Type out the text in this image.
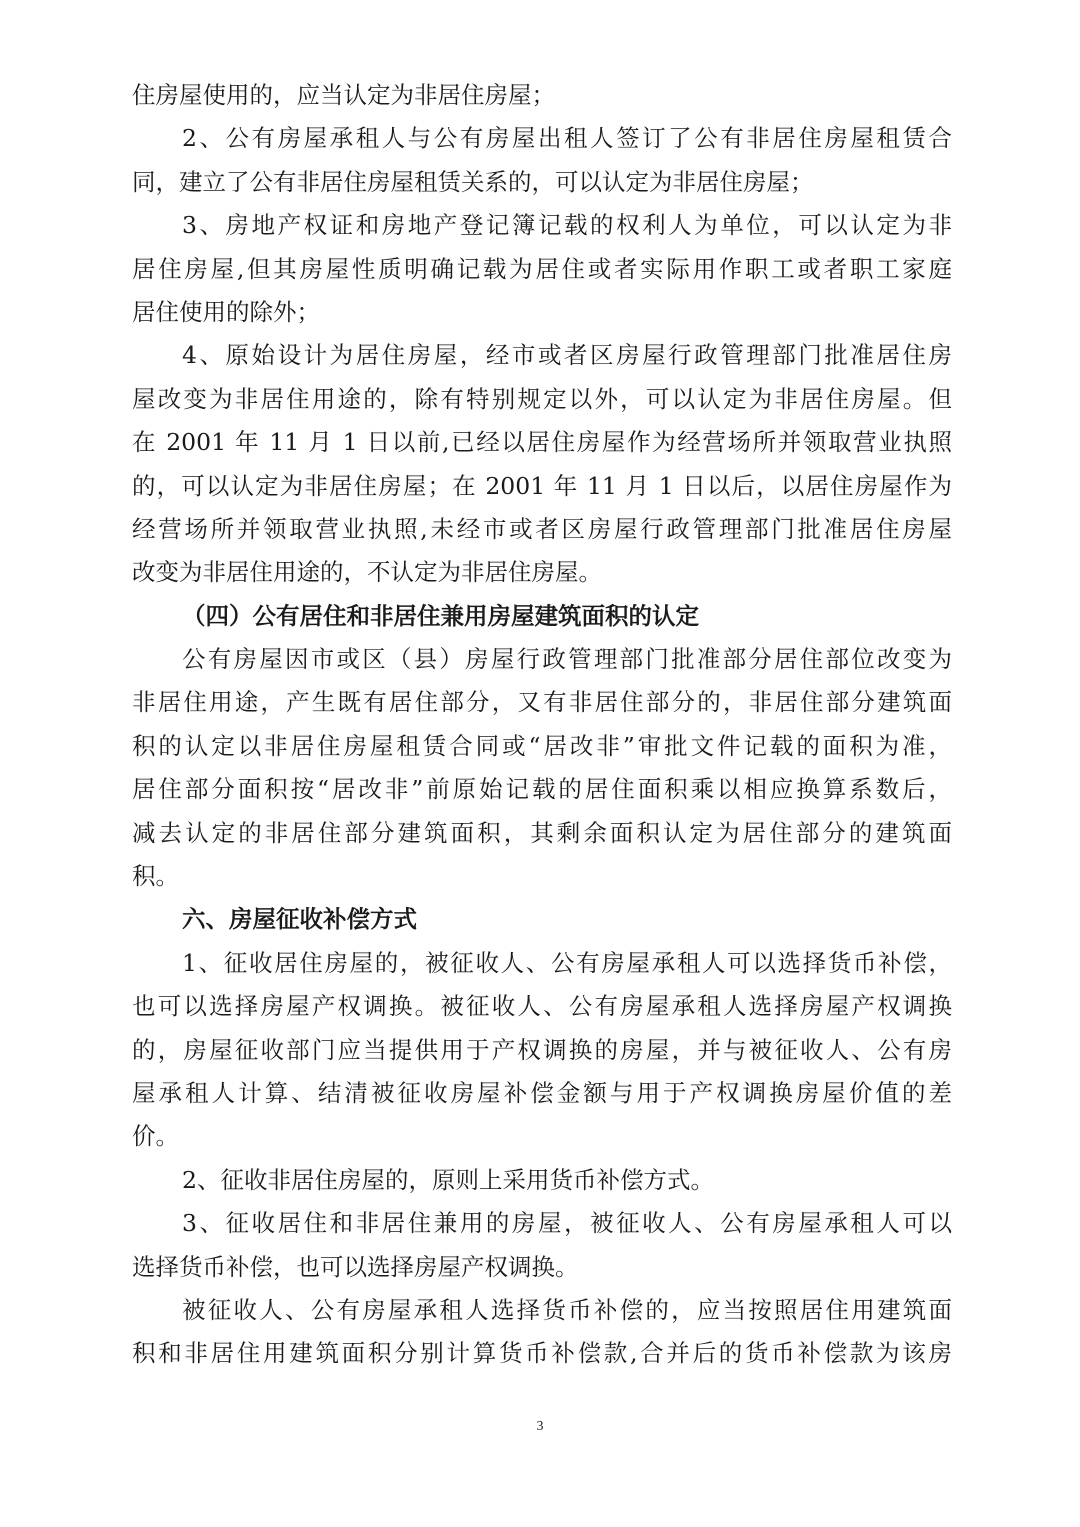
住房屋使用的，应当认定为非居住房屋；
2、公有房屋承租人与公有房屋出租人签订了公有非居住房屋租赁合
同，建立了公有非居住房屋租赁关系的，可以认定为非居住房屋；
3、房地产权证和房地产登记簿记载的权利人为单位，可以认定为非
居住房屋,但其房屋性质明确记载为居住或者实际用作职工或者职工家庭
居住使用的除外；
4、原始设计为居住房屋，经市或者区房屋行政管理部门批准居住房
屋改变为非居住用途的，除有特别规定以外，可以认定为非居住房屋。但
在 2001 年 11 月 1 日以前,已经以居住房屋作为经营场所并领取营业执照
的，可以认定为非居住房屋；在 2001 年 11 月 1 日以后，以居住房屋作为
经营场所并领取营业执照,未经市或者区房屋行政管理部门批准居住房屋
改变为非居住用途的，不认定为非居住房屋。
（四）公有居住和非居住兼用房屋建筑面积的认定
公有房屋因市或区（县）房屋行政管理部门批准部分居住部位改变为
非居住用途，产生既有居住部分，又有非居住部分的，非居住部分建筑面
积的认定以非居住房屋租赁合同或“居改非”审批文件记载的面积为准，
居住部分面积按“居改非”前原始记载的居住面积乘以相应换算系数后，
减去认定的非居住部分建筑面积，其剩余面积认定为居住部分的建筑面
积。
六、房屋征收补偿方式
1、征收居住房屋的，被征收人、公有房屋承租人可以选择货币补偿，
也可以选择房屋产权调换。被征收人、公有房屋承租人选择房屋产权调换
的，房屋征收部门应当提供用于产权调换的房屋，并与被征收人、公有房
屋承租人计算、结清被征收房屋补偿金额与用于产权调换房屋价值的差
价。
2、征收非居住房屋的，原则上采用货币补偿方式。
3、征收居住和非居住兼用的房屋，被征收人、公有房屋承租人可以
选择货币补偿，也可以选择房屋产权调换。
被征收人、公有房屋承租人选择货币补偿的，应当按照居住用建筑面
积和非居住用建筑面积分别计算货币补偿款,合并后的货币补偿款为该房
3
